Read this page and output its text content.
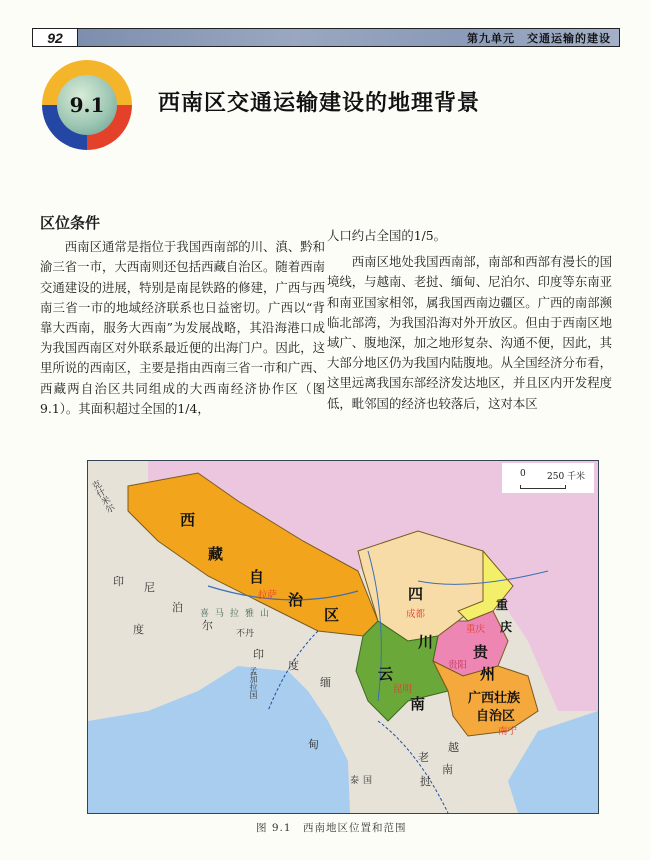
92	第九单元　交通运输的建设
9.1	西南区交通运输建设的地理背景
区位条件

西南区通常是指位于我国西南部的川、滇、黔和渝三省一市，大西南则还包括西藏自治区。随着西南交通建设的进展，特别是南昆铁路的修建，广西与西南三省一市的地域经济联系也日益密切。广西以“背靠大西南，服务大西南”为发展战略，其沿海港口成为我国西南区对外联系最近便的出海门户。因此，这里所说的西南区，主要是指由西南三省一市和广西、西藏两自治区共同组成的大西南经济协作区（图9.1）。其面积超过全国的1/4，

人口约占全国的1/5。

西南区地处我国西南部，南部和西部有漫长的国境线，与越南、老挝、缅甸、尼泊尔、印度等东南亚和南亚国家相邻，属我国西南边疆区。广西的南部濒临北部湾，为我国沿海对外开放区。但由于西南区地域广、腹地深，加之地形复杂、沟通不便，因此，其大部分地区仍为我国内陆腹地。从全国经济分布看，这里远离我国东部经济发达地区，并且区内开发程度低，毗邻国的经济也较落后，这对本区

0 250 千米
克什米尔
西
藏
自
治
区
拉萨
喜马拉雅山
四
川
成都
重
庆
重庆
贵
州
贵阳
云
南
昆明
广西壮族
自治区
南宁
印
度
尼
泊
尔
不丹
印
度
孟加拉国
缅
甸
老
挝
越
南
泰国
图 9.1　西南地区位置和范围
